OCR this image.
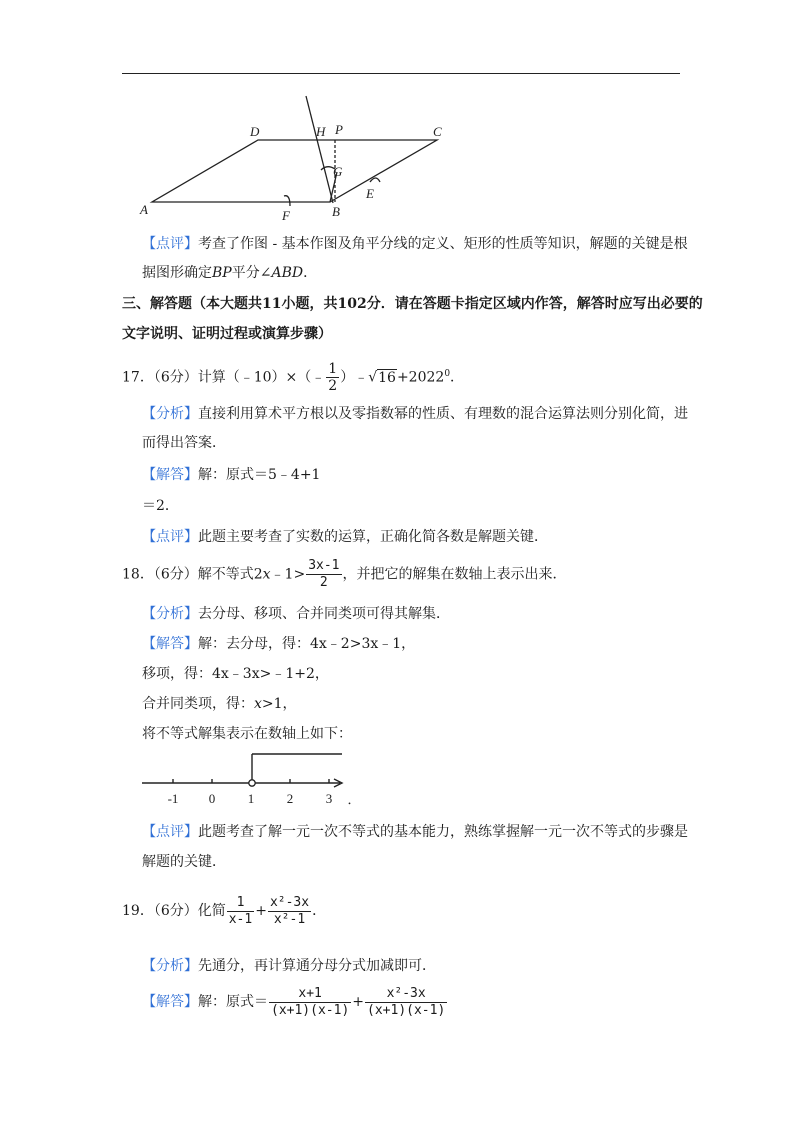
A	B
C
D
E
F
G
H P
【点评】考查了作图 - 基本作图及角平分线的定义、矩形的性质等知识，解题的关键是根
据图形确定BP平分∠ABD．
三、解答题（本大题共11小题，共102分．请在答题卡指定区域内作答，解答时应写出必要的
文字说明、证明过程或演算步骤）
17．（6分）计算（﹣10）×（﹣ $\frac{1}{2}$ ）$﹣√16+2022^0$．
【分析】直接利用算术平方根以及零指数幂的性质、有理数的混合运算法则分别化简，进
而得出答案．
【解答】解：原式＝5﹣4+1
＝2．
【点评】此题主要考查了实数的运算，正确化简各数是解题关键．
18．（6分）解不等式2x﹣1> $\frac{3x-1}{2}$ ，并把它的解集在数轴上表示出来．
【分析】去分母、移项、合并同类项可得其解集．
【解答】解：去分母，得：4x﹣2>3x﹣1，
移项，得：4x﹣3x>﹣1+2，
合并同类项，得：x>1，
将不等式解集表示在数轴上如下：
-1 0	1	2	3 ．
【点评】此题考查了解一元一次不等式的基本能力，熟练掌握解一元一次不等式的步骤是
解题的关键．
19．（6分）化简 $\frac{1}{x-1} + \frac{\text{x²-3x}}{\text{x²-1}}$ ．
【分析】先通分，再计算通分母分式加减即可．
【解答】解：原式＝ $\frac{x+1}{(x+1)(x-1)} + \frac{\text{x²-3x}}{(x+1)(x-1)}$
